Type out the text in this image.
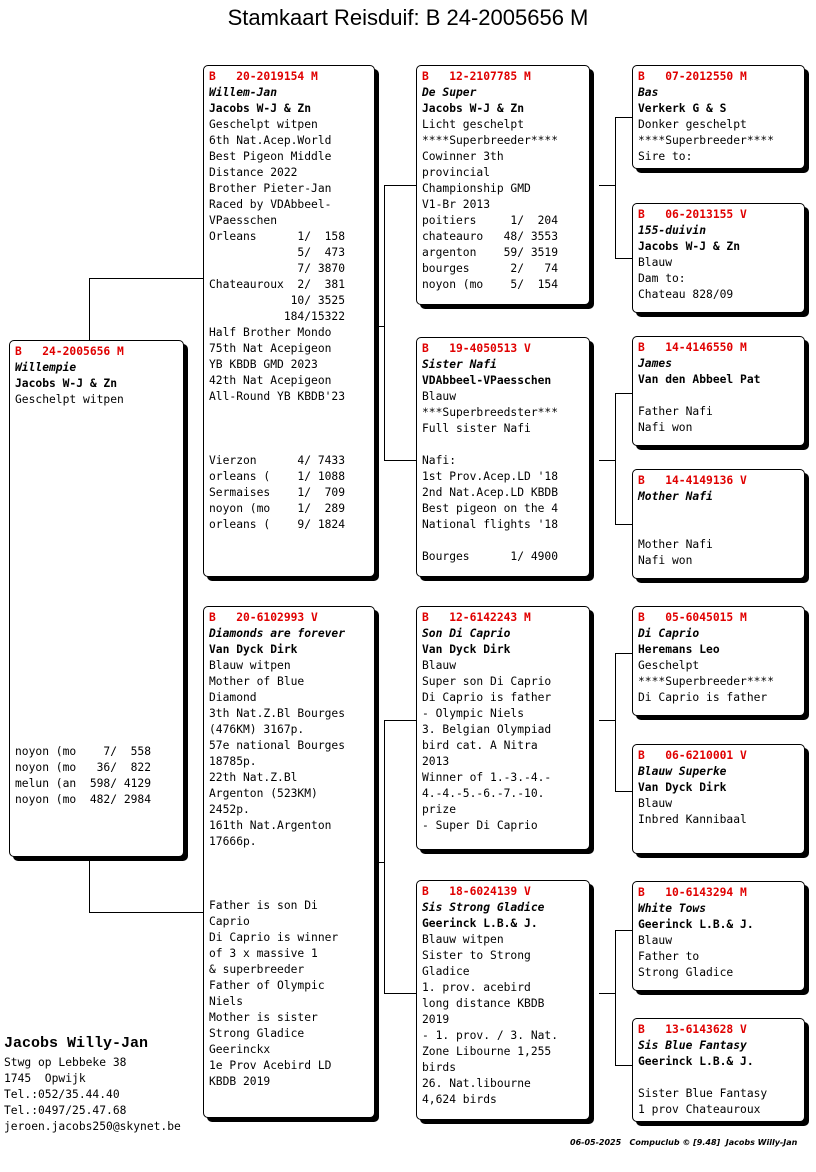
Stamkaart Reisduif: B 24-2005656 M
B   24-2005656 M
Willempie
Jacobs W-J & Zn
Geschelpt witpen
noyon (mo    7/  558
noyon (mo   36/  822
melun (an  598/ 4129
noyon (mo  482/ 2984
B   20-2019154 M
Willem-Jan
Jacobs W-J & Zn
Geschelpt witpen
6th Nat.Acep.World
Best Pigeon Middle
Distance 2022
Brother Pieter-Jan
Raced by VDAbbeel-
VPaesschen
Orleans      1/  158
5/  473
7/ 3870
Chateauroux  2/  381
10/ 3525
184/15322
Half Brother Mondo
75th Nat Acepigeon
YB KBDB GMD 2023
42th Nat Acepigeon
All-Round YB KBDB'23
Vierzon      4/ 7433
orleans (    1/ 1088
Sermaises    1/  709
noyon (mo    1/  289
orleans (    9/ 1824
B   20-6102993 V
Diamonds are forever
Van Dyck Dirk
Blauw witpen
Mother of Blue
Diamond
3th Nat.Z.Bl Bourges
(476KM) 3167p.
57e national Bourges
18785p.
22th Nat.Z.Bl
Argenton (523KM)
2452p.
161th Nat.Argenton
17666p.
Father is son Di
Caprio
Di Caprio is winner
of 3 x massive 1
& superbreeder
Father of Olympic
Niels
Mother is sister
Strong Gladice
Geerinckx
1e Prov Acebird LD
KBDB 2019
B   12-2107785 M
De Super
Jacobs W-J & Zn
Licht geschelpt
****Superbreeder****
Cowinner 3th
provincial
Championship GMD
V1-Br 2013
poitiers     1/  204
chateauro   48/ 3553
argenton    59/ 3519
bourges      2/   74
noyon (mo    5/  154
B   19-4050513 V
Sister Nafi
VDAbbeel-VPaesschen
Blauw
***Superbreedster***
Full sister Nafi
Nafi:
1st Prov.Acep.LD '18
2nd Nat.Acep.LD KBDB
Best pigeon on the 4
National flights '18
Bourges      1/ 4900
B   12-6142243 M
Son Di Caprio
Van Dyck Dirk
Blauw
Super son Di Caprio
Di Caprio is father
- Olympic Niels
3. Belgian Olympiad
bird cat. A Nitra
2013
Winner of 1.-3.-4.-
4.-4.-5.-6.-7.-10.
prize
- Super Di Caprio
B   18-6024139 V
Sis Strong Gladice
Geerinck L.B.& J.
Blauw witpen
Sister to Strong
Gladice
1. prov. acebird
long distance KBDB
2019
- 1. prov. / 3. Nat.
Zone Libourne 1,255
birds
26. Nat.libourne
4,624 birds
B   07-2012550 M
Bas
Verkerk G & S
Donker geschelpt
****Superbreeder****
Sire to:
B   06-2013155 V
155-duivin
Jacobs W-J & Zn
Blauw
Dam to:
Chateau 828/09
B   14-4146550 M
James
Van den Abbeel Pat
Father Nafi
Nafi won
B   14-4149136 V
Mother Nafi
Mother Nafi
Nafi won
B   05-6045015 M
Di Caprio
Heremans Leo
Geschelpt
****Superbreeder****
Di Caprio is father
B   06-6210001 V
Blauw Superke
Van Dyck Dirk
Blauw
Inbred Kannibaal
B   10-6143294 M
White Tows
Geerinck L.B.& J.
Blauw
Father to
Strong Gladice
B   13-6143628 V
Sis Blue Fantasy
Geerinck L.B.& J.
Sister Blue Fantasy
1 prov Chateauroux
Jacobs Willy-Jan
Stwg op Lebbeke 38
1745  Opwijk
Tel.:052/35.44.40
Tel.:0497/25.47.68
jeroen.jacobs250@skynet.be
06-05-2025   Compuclub © [9.48]  Jacobs Willy-Jan
